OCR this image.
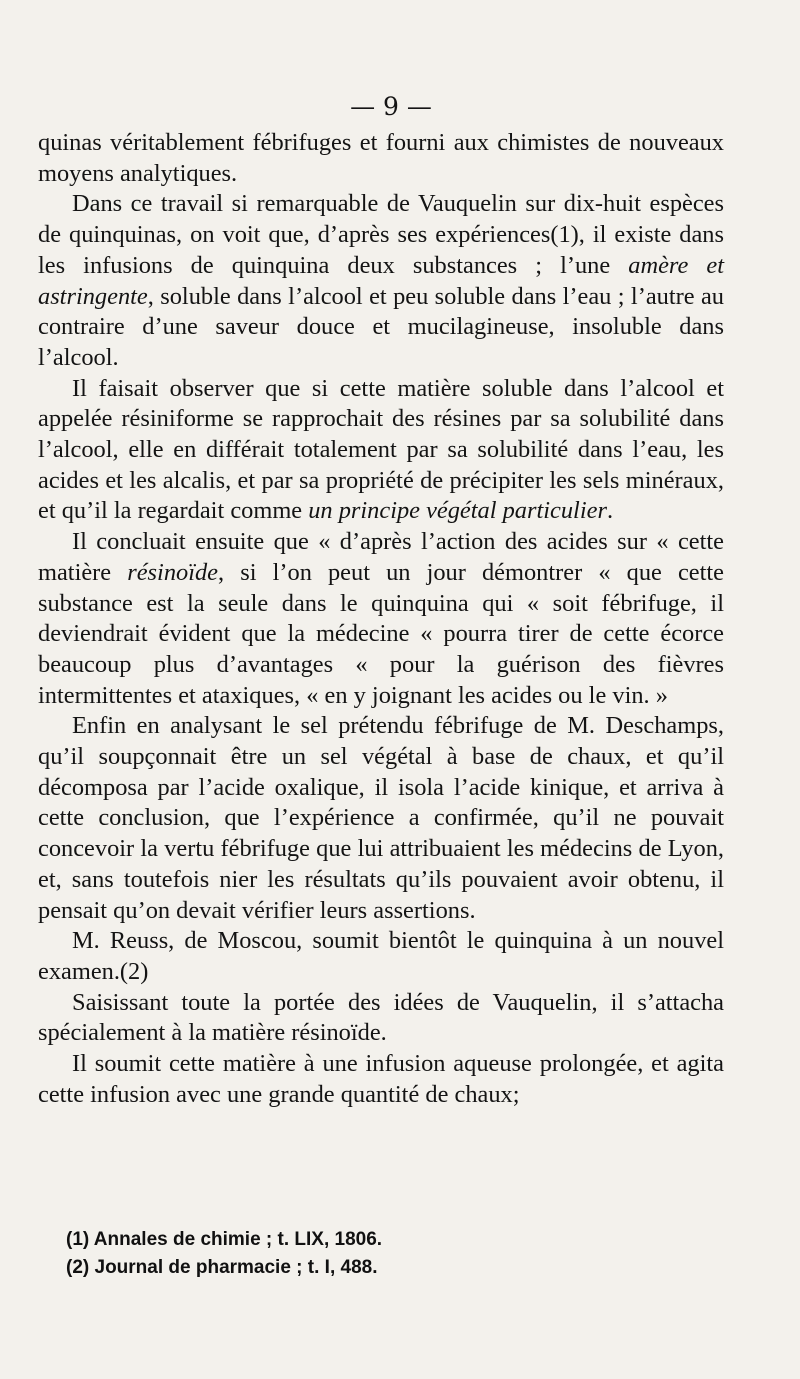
— 9 —

quinas véritablement fébrifuges et fourni aux chimistes de nouveaux moyens analytiques.

Dans ce travail si remarquable de Vauquelin sur dix-huit espèces de quinquinas, on voit que, d’après ses expériences(1), il existe dans les infusions de quinquina deux substances ; l’une amère et astringente, soluble dans l’alcool et peu soluble dans l’eau ; l’autre au contraire d’une saveur douce et mucilagineuse, insoluble dans l’alcool.

Il faisait observer que si cette matière soluble dans l’alcool et appelée résiniforme se rapprochait des résines par sa solubilité dans l’alcool, elle en différait totalement par sa solubilité dans l’eau, les acides et les alcalis, et par sa propriété de précipiter les sels minéraux, et qu’il la regardait comme un principe végétal particulier.

Il concluait ensuite que « d’après l’action des acides sur « cette matière résinoïde, si l’on peut un jour démontrer « que cette substance est la seule dans le quinquina qui « soit fébrifuge, il deviendrait évident que la médecine « pourra tirer de cette écorce beaucoup plus d’avantages « pour la guérison des fièvres intermittentes et ataxiques, « en y joignant les acides ou le vin. »

Enfin en analysant le sel prétendu fébrifuge de M. Deschamps, qu’il soupçonnait être un sel végétal à base de chaux, et qu’il décomposa par l’acide oxalique, il isola l’acide kinique, et arriva à cette conclusion, que l’expérience a confirmée, qu’il ne pouvait concevoir la vertu fébrifuge que lui attribuaient les médecins de Lyon, et, sans toutefois nier les résultats qu’ils pouvaient avoir obtenu, il pensait qu’on devait vérifier leurs assertions.

M. Reuss, de Moscou, soumit bientôt le quinquina à un nouvel examen.(2)

Saisissant toute la portée des idées de Vauquelin, il s’attacha spécialement à la matière résinoïde.

Il soumit cette matière à une infusion aqueuse prolongée, et agita cette infusion avec une grande quantité de chaux;

(1) Annales de chimie ; t. LIX, 1806.
(2) Journal de pharmacie ; t. I, 488.
